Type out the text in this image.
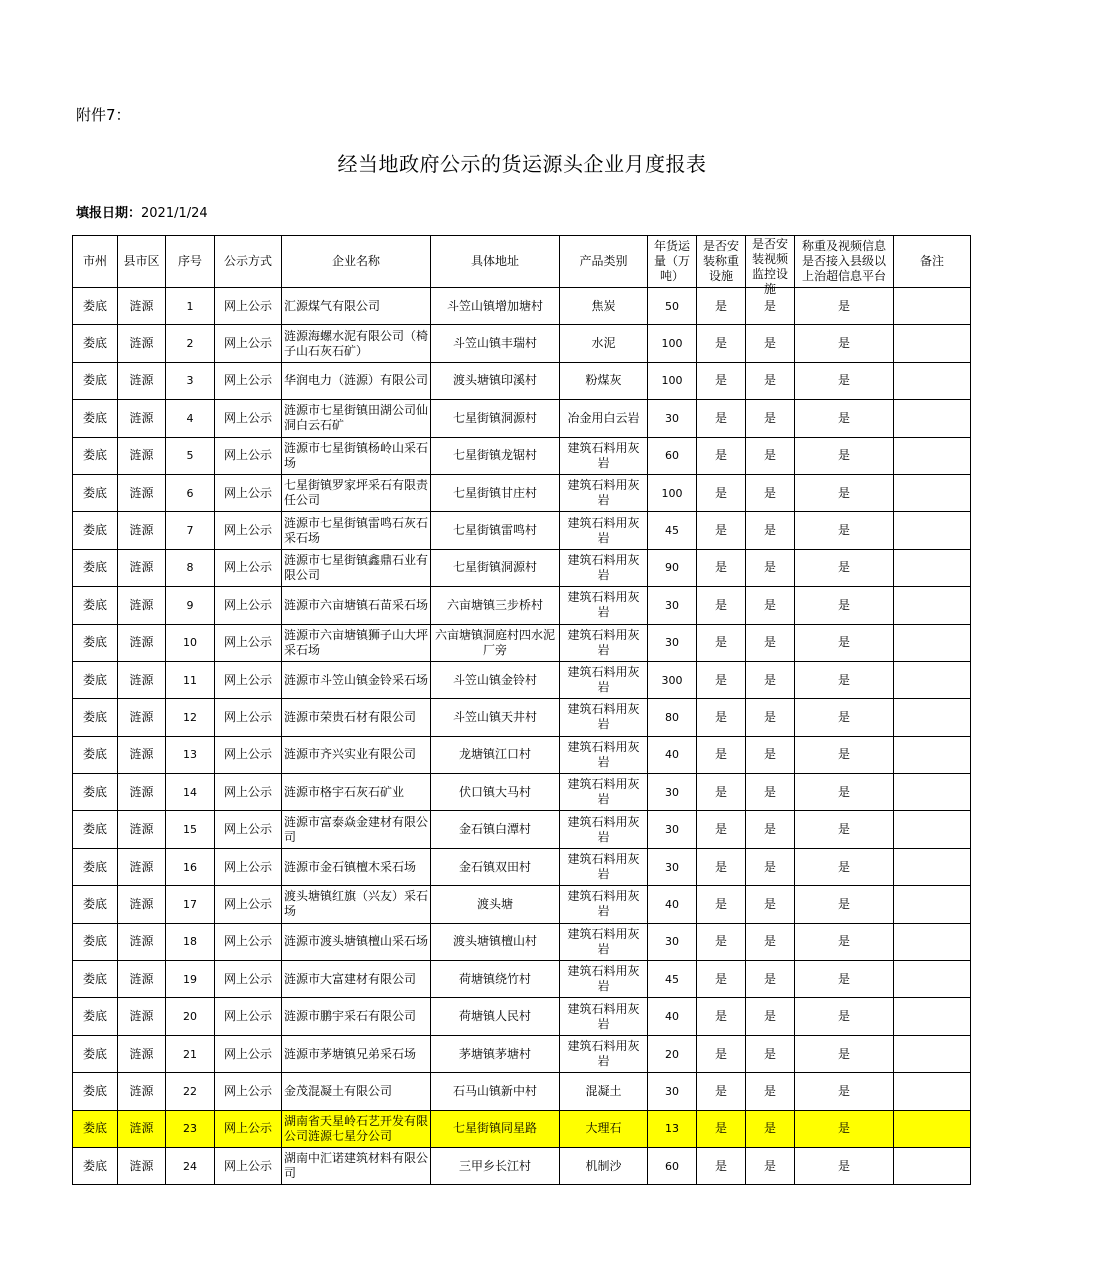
附件7：
经当地政府公示的货运源头企业月度报表
填报日期：2021/1/24
市州	县市区	序号	公示方式	企业名称	具体地址	产品类别	年货运量（万吨）	是否安装称重设施	是否安装视频监控设施	称重及视频信息是否接入县级以上治超信息平台	备注

娄底	涟源	1	网上公示	汇源煤气有限公司	斗笠山镇增加塘村	焦炭	50	是	是	是	

娄底	涟源	2	网上公示	涟源海螺水泥有限公司（椅子山石灰石矿）	斗笠山镇丰瑞村	水泥	100	是	是	是	

娄底	涟源	3	网上公示	华润电力（涟源）有限公司	渡头塘镇印溪村	粉煤灰	100	是	是	是	

娄底	涟源	4	网上公示	涟源市七星街镇田湖公司仙洞白云石矿	七星街镇洞源村	冶金用白云岩	30	是	是	是	

娄底	涟源	5	网上公示	涟源市七星街镇杨岭山采石场	七星街镇龙锯村	建筑石料用灰岩	60	是	是	是	

娄底	涟源	6	网上公示	七星街镇罗家坪采石有限责任公司	七星街镇甘庄村	建筑石料用灰岩	100	是	是	是	

娄底	涟源	7	网上公示	涟源市七星街镇雷鸣石灰石采石场	七星街镇雷鸣村	建筑石料用灰岩	45	是	是	是	

娄底	涟源	8	网上公示	涟源市七星街镇鑫鼎石业有限公司	七星街镇洞源村	建筑石料用灰岩	90	是	是	是	

娄底	涟源	9	网上公示	涟源市六亩塘镇石苗采石场	六亩塘镇三步桥村	建筑石料用灰岩	30	是	是	是	

娄底	涟源	10	网上公示	涟源市六亩塘镇狮子山大坪采石场	六亩塘镇洞庭村四水泥厂旁	建筑石料用灰岩	30	是	是	是	

娄底	涟源	11	网上公示	涟源市斗笠山镇金铃采石场	斗笠山镇金铃村	建筑石料用灰岩	300	是	是	是	

娄底	涟源	12	网上公示	涟源市荣贵石材有限公司	斗笠山镇天井村	建筑石料用灰岩	80	是	是	是	

娄底	涟源	13	网上公示	涟源市齐兴实业有限公司	龙塘镇江口村	建筑石料用灰岩	40	是	是	是	

娄底	涟源	14	网上公示	涟源市格宇石灰石矿业	伏口镇大马村	建筑石料用灰岩	30	是	是	是	

娄底	涟源	15	网上公示	涟源市富泰焱金建材有限公司	金石镇白潭村	建筑石料用灰岩	30	是	是	是	

娄底	涟源	16	网上公示	涟源市金石镇檀木采石场	金石镇双田村	建筑石料用灰岩	30	是	是	是	

娄底	涟源	17	网上公示	渡头塘镇红旗（兴友）采石场	渡头塘	建筑石料用灰岩	40	是	是	是	

娄底	涟源	18	网上公示	涟源市渡头塘镇檀山采石场	渡头塘镇檀山村	建筑石料用灰岩	30	是	是	是	

娄底	涟源	19	网上公示	涟源市大富建材有限公司	荷塘镇绕竹村	建筑石料用灰岩	45	是	是	是	

娄底	涟源	20	网上公示	涟源市鹏宇采石有限公司	荷塘镇人民村	建筑石料用灰岩	40	是	是	是	

娄底	涟源	21	网上公示	涟源市茅塘镇兄弟采石场	茅塘镇茅塘村	建筑石料用灰岩	20	是	是	是	

娄底	涟源	22	网上公示	金茂混凝土有限公司	石马山镇新中村	混凝土	30	是	是	是	

娄底	涟源	23	网上公示	湖南省天星岭石艺开发有限公司涟源七星分公司	七星街镇同星路	大理石	13	是	是	是	

娄底	涟源	24	网上公示	湖南中汇诺建筑材料有限公司	三甲乡长江村	机制沙	60	是	是	是	
